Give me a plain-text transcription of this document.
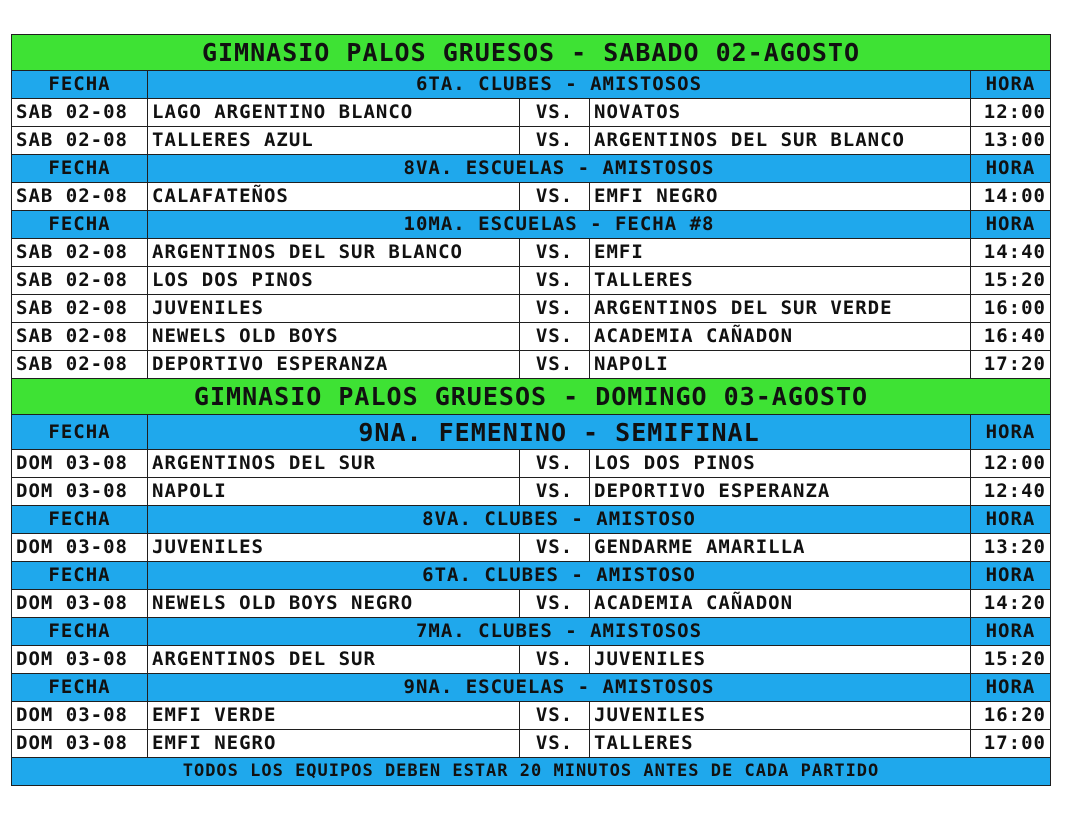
GIMNASIO PALOS GRUESOS - SABADO 02-AGOSTO				
FECHA	6TA. CLUBES - AMISTOSOS			HORA
SAB 02-08	LAGO ARGENTINO BLANCO	VS.	NOVATOS	12:00
SAB 02-08	TALLERES AZUL	VS.	ARGENTINOS DEL SUR BLANCO	13:00
FECHA	8VA. ESCUELAS - AMISTOSOS			HORA
SAB 02-08	CALAFATEÑOS	VS.	EMFI NEGRO	14:00
FECHA	10MA. ESCUELAS - FECHA #8			HORA
SAB 02-08	ARGENTINOS DEL SUR BLANCO	VS.	EMFI	14:40
SAB 02-08	LOS DOS PINOS	VS.	TALLERES	15:20
SAB 02-08	JUVENILES	VS.	ARGENTINOS DEL SUR VERDE	16:00
SAB 02-08	NEWELS OLD BOYS	VS.	ACADEMIA CAÑADON	16:40
SAB 02-08	DEPORTIVO ESPERANZA	VS.	NAPOLI	17:20
GIMNASIO PALOS GRUESOS - DOMINGO 03-AGOSTO				
FECHA	9NA. FEMENINO - SEMIFINAL			HORA
DOM 03-08	ARGENTINOS DEL SUR	VS.	LOS DOS PINOS	12:00
DOM 03-08	NAPOLI	VS.	DEPORTIVO ESPERANZA	12:40
FECHA	8VA. CLUBES - AMISTOSO			HORA
DOM 03-08	JUVENILES	VS.	GENDARME AMARILLA	13:20
FECHA	6TA. CLUBES - AMISTOSO			HORA
DOM 03-08	NEWELS OLD BOYS NEGRO	VS.	ACADEMIA CAÑADON	14:20
FECHA	7MA. CLUBES - AMISTOSOS			HORA
DOM 03-08	ARGENTINOS DEL SUR	VS.	JUVENILES	15:20
FECHA	9NA. ESCUELAS - AMISTOSOS			HORA
DOM 03-08	EMFI VERDE	VS.	JUVENILES	16:20
DOM 03-08	EMFI NEGRO	VS.	TALLERES	17:00
TODOS LOS EQUIPOS DEBEN ESTAR 20 MINUTOS ANTES DE CADA PARTIDO				
